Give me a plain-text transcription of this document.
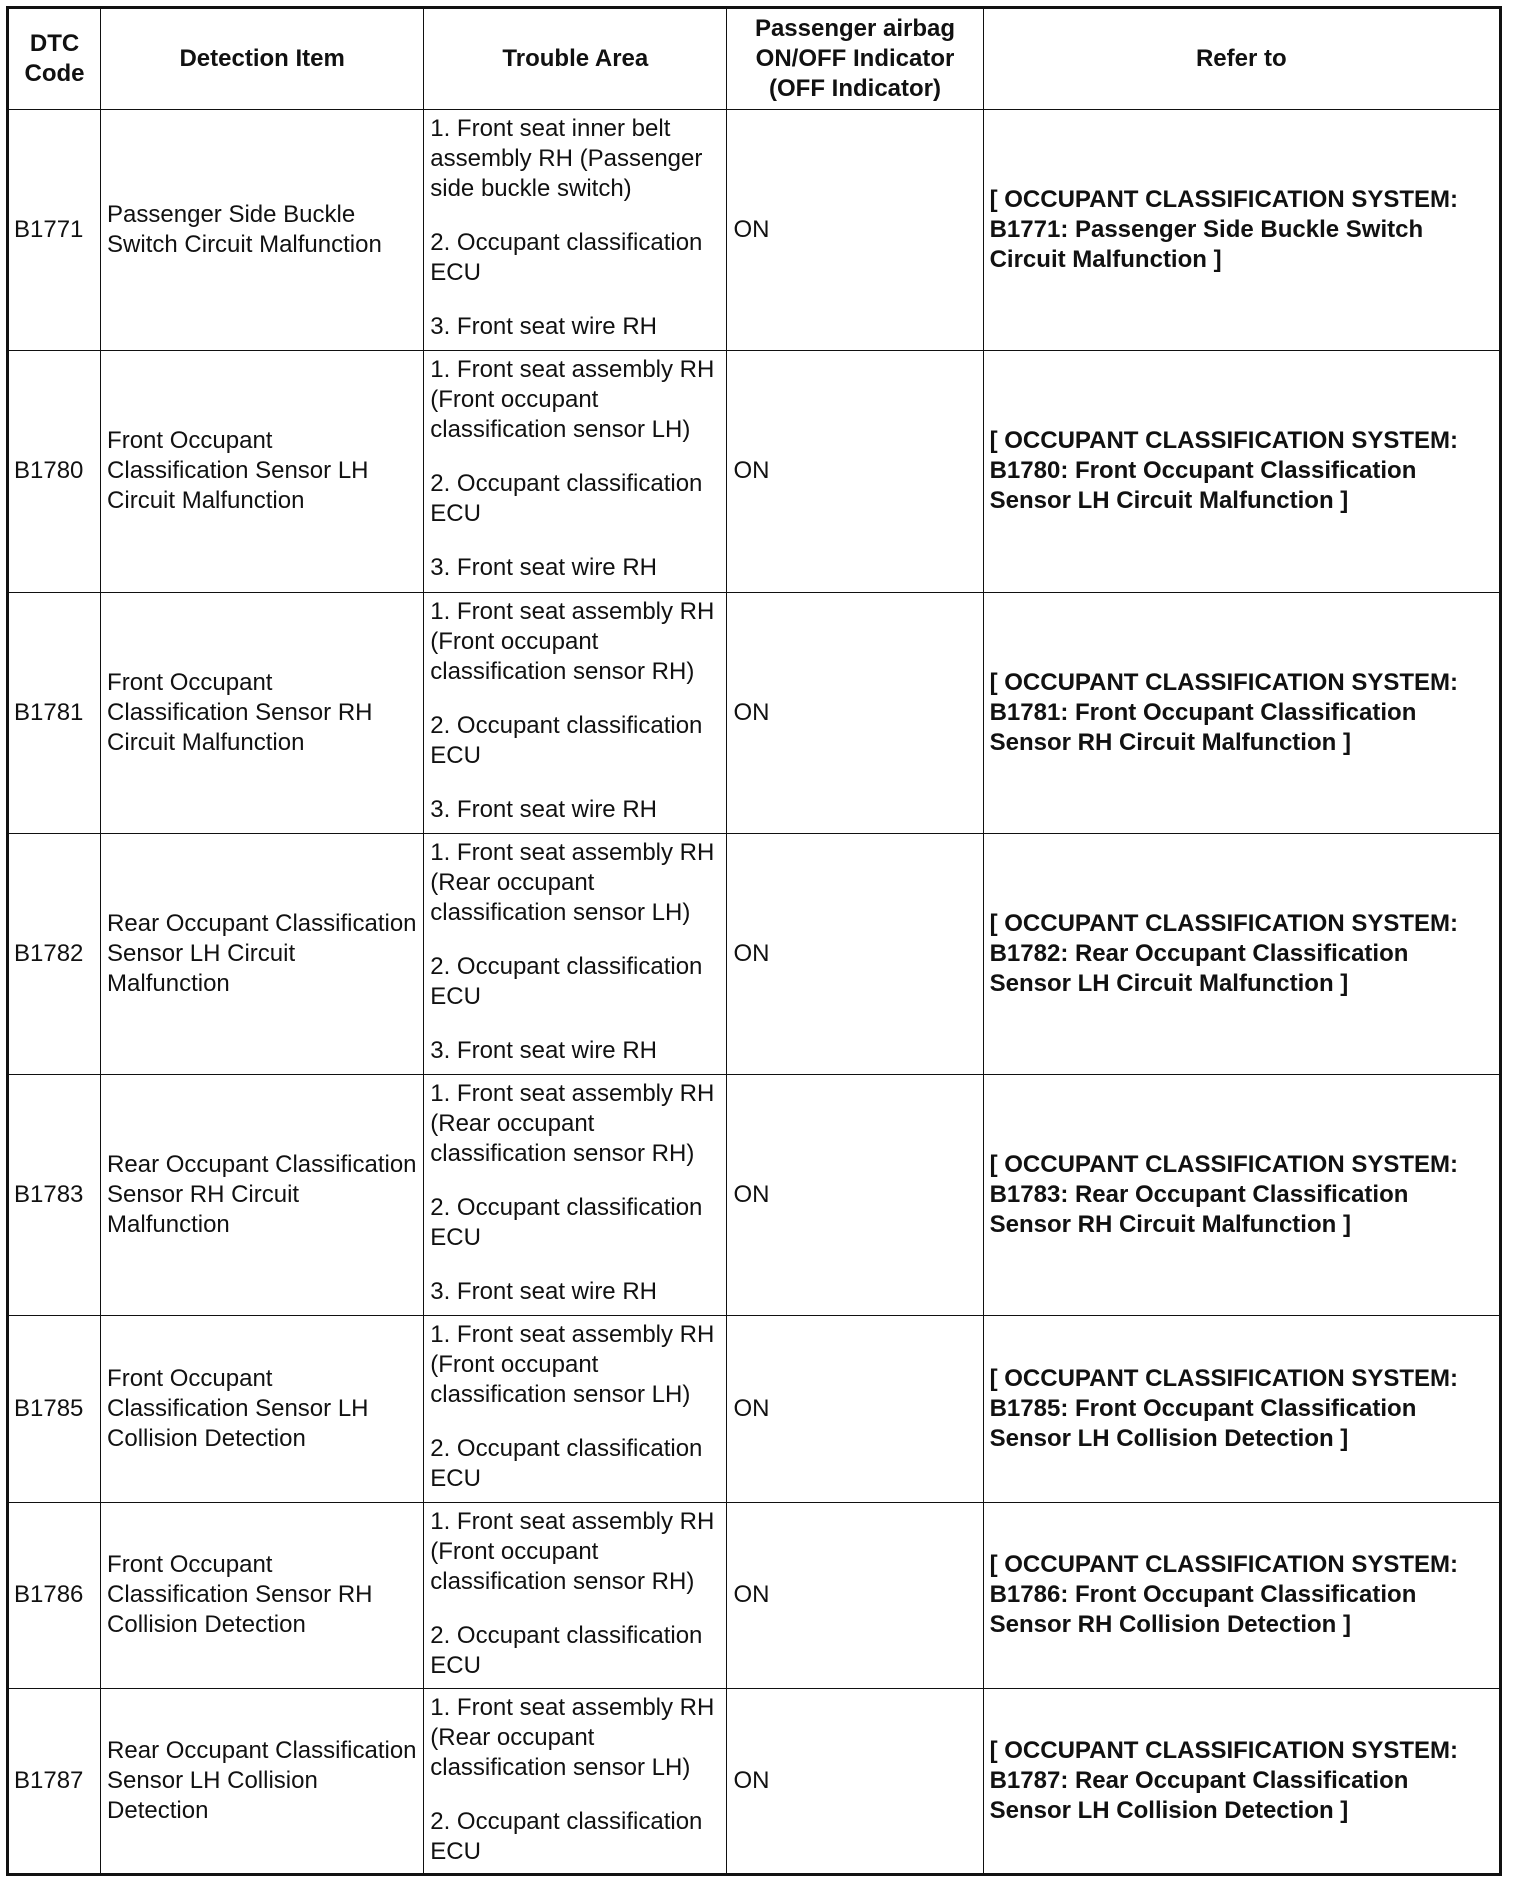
DTC Code	Detection Item	Trouble Area	Passenger airbag ON/OFF Indicator (OFF Indicator)	Refer to
B1771	Passenger Side Buckle Switch Circuit Malfunction	1. Front seat inner belt assembly RH (Passenger side buckle switch)
2. Occupant classification ECU
3. Front seat wire RH	ON	[ OCCUPANT CLASSIFICATION SYSTEM: B1771: Passenger Side Buckle Switch Circuit Malfunction ]
B1780	Front Occupant Classification Sensor LH Circuit Malfunction	1. Front seat assembly RH (Front occupant classification sensor LH)
2. Occupant classification ECU
3. Front seat wire RH	ON	[ OCCUPANT CLASSIFICATION SYSTEM: B1780: Front Occupant Classification Sensor LH Circuit Malfunction ]
B1781	Front Occupant Classification Sensor RH Circuit Malfunction	1. Front seat assembly RH (Front occupant classification sensor RH)
2. Occupant classification ECU
3. Front seat wire RH	ON	[ OCCUPANT CLASSIFICATION SYSTEM: B1781: Front Occupant Classification Sensor RH Circuit Malfunction ]
B1782	Rear Occupant Classification Sensor LH Circuit Malfunction	1. Front seat assembly RH (Rear occupant classification sensor LH)
2. Occupant classification ECU
3. Front seat wire RH	ON	[ OCCUPANT CLASSIFICATION SYSTEM: B1782: Rear Occupant Classification Sensor LH Circuit Malfunction ]
B1783	Rear Occupant Classification Sensor RH Circuit Malfunction	1. Front seat assembly RH (Rear occupant classification sensor RH)
2. Occupant classification ECU
3. Front seat wire RH	ON	[ OCCUPANT CLASSIFICATION SYSTEM: B1783: Rear Occupant Classification Sensor RH Circuit Malfunction ]
B1785	Front Occupant Classification Sensor LH Collision Detection	1. Front seat assembly RH (Front occupant classification sensor LH)
2. Occupant classification ECU	ON	[ OCCUPANT CLASSIFICATION SYSTEM: B1785: Front Occupant Classification Sensor LH Collision Detection ]
B1786	Front Occupant Classification Sensor RH Collision Detection	1. Front seat assembly RH (Front occupant classification sensor RH)
2. Occupant classification ECU	ON	[ OCCUPANT CLASSIFICATION SYSTEM: B1786: Front Occupant Classification Sensor RH Collision Detection ]
B1787	Rear Occupant Classification Sensor LH Collision Detection	1. Front seat assembly RH (Rear occupant classification sensor LH)
2. Occupant classification ECU	ON	[ OCCUPANT CLASSIFICATION SYSTEM: B1787: Rear Occupant Classification Sensor LH Collision Detection ]
